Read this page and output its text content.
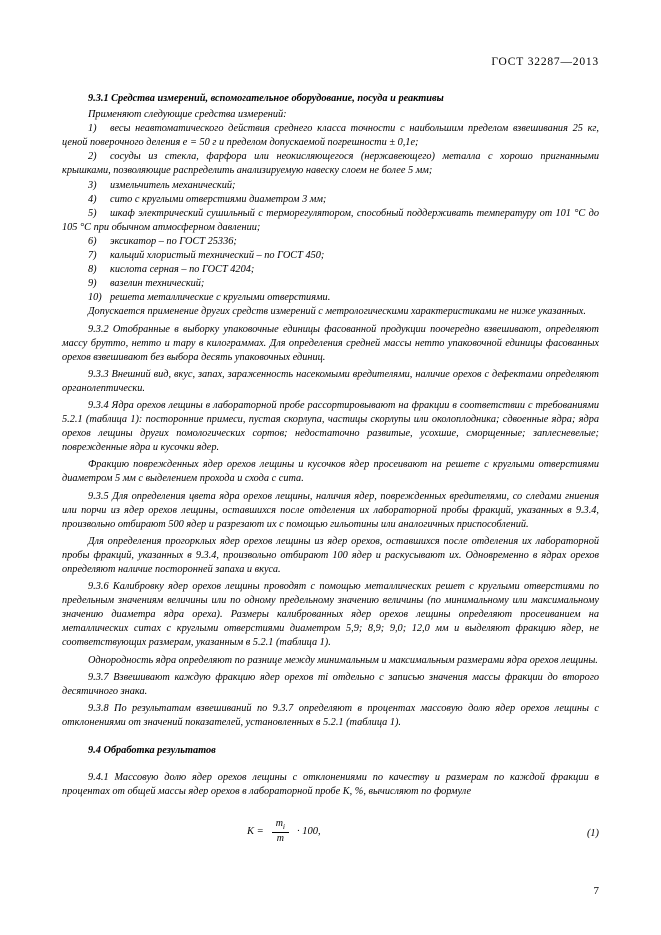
ГОСТ 32287—2013

9.3.1 Средства измерений, вспомогательное оборудование, посуда и реактивы

Применяют следующие средства измерений:

1) весы неавтоматического действия среднего класса точности с наибольшим пределом взвешивания 25 кг, ценой поверочного деления e = 50 г и пределом допускаемой погрешности ± 0,1e;

2) сосуды из стекла, фарфора или неокисляющегося (нержавеющего) металла с хорошо пригнанными крышками, позволяющие распределить анализируемую навеску слоем не более 5 мм;

3) измельчитель механический;

4) сито с круглыми отверстиями диаметром 3 мм;

5) шкаф электрический сушильный с терморегулятором, способный поддерживать температуру от 101 °С до 105 °С при обычном атмосферном давлении;

6) эксикатор – по ГОСТ 25336;

7) кальций хлористый технический – по ГОСТ 450;

8) кислота серная – по ГОСТ 4204;

9) вазелин технический;

10) решета металлические с круглыми отверстиями.

Допускается применение других средств измерений с метрологическими характеристиками не ниже указанных.

9.3.2 Отобранные в выборку упаковочные единицы фасованной продукции поочередно взвешивают, определяют массу брутто, нетто и тару в килограммах. Для определения средней массы нетто упаковочной единицы фасованных орехов взвешивают без выбора десять упаковочных единиц.

9.3.3 Внешний вид, вкус, запах, зараженность насекомыми вредителями, наличие орехов с дефектами определяют органолептически.

9.3.4 Ядра орехов лещины в лабораторной пробе рассортировывают на фракции в соответствии с требованиями 5.2.1 (таблица 1): посторонние примеси, пустая скорлупа, частицы скорлупы или околоплодника; сдвоенные ядра; ядра орехов лещины других помологических сортов; недостаточно развитые, усохшие, сморщенные; заплесневелые; поврежденные ядра и кусочки ядер.

Фракцию поврежденных ядер орехов лещины и кусочков ядер просеивают на решете с круглыми отверстиями диаметром 5 мм с выделением прохода и схода с сита.

9.3.5 Для определения цвета ядра орехов лещины, наличия ядер, поврежденных вредителями, со следами гниения или порчи из ядер орехов лещины, оставшихся после отделения их лабораторной пробы фракций, указанных в 9.3.4, произвольно отбирают 500 ядер и разрезают их с помощью гильотины или аналогичных приспособлений.

Для определения прогорклых ядер орехов лещины из ядер орехов, оставшихся после отделения их лабораторной пробы фракций, указанных в 9.3.4, произвольно отбирают 100 ядер и раскусывают их. Одновременно в ядрах орехов определяют наличие посторонней запаха и вкуса.

9.3.6 Калибровку ядер орехов лещины проводят с помощью металлических решет с круглыми отверстиями по предельным значениям величины или по одному предельному значению величины (по минимальному или максимальному значению диаметра ядра ореха). Размеры калиброванных ядер орехов лещины определяют просеиванием на металлических ситах с круглыми отверстиями диаметром 5,9; 8,9; 9,0; 12,0 мм и выделяют фракцию ядер, не соответствующих размерам, указанным в 5.2.1 (таблица 1).

Однородность ядра определяют по разнице между минимальным и максимальным размерами ядра орехов лещины.

9.3.7 Взвешивают каждую фракцию ядер орехов mi отдельно с записью значения массы фракции до второго десятичного знака.

9.3.8 По результатам взвешиваний по 9.3.7 определяют в процентах массовую долю ядер орехов лещины с отклонениями от значений показателей, установленных в 5.2.1 (таблица 1).

9.4 Обработка результатов

9.4.1 Массовую долю ядер орехов лещины с отклонениями по качеству и размерам по каждой фракции в процентах от общей массы ядер орехов в лабораторной пробе К, %, вычисляют по формуле

$К = \frac{m_i}{m} \cdot 100$,	(1)
7
